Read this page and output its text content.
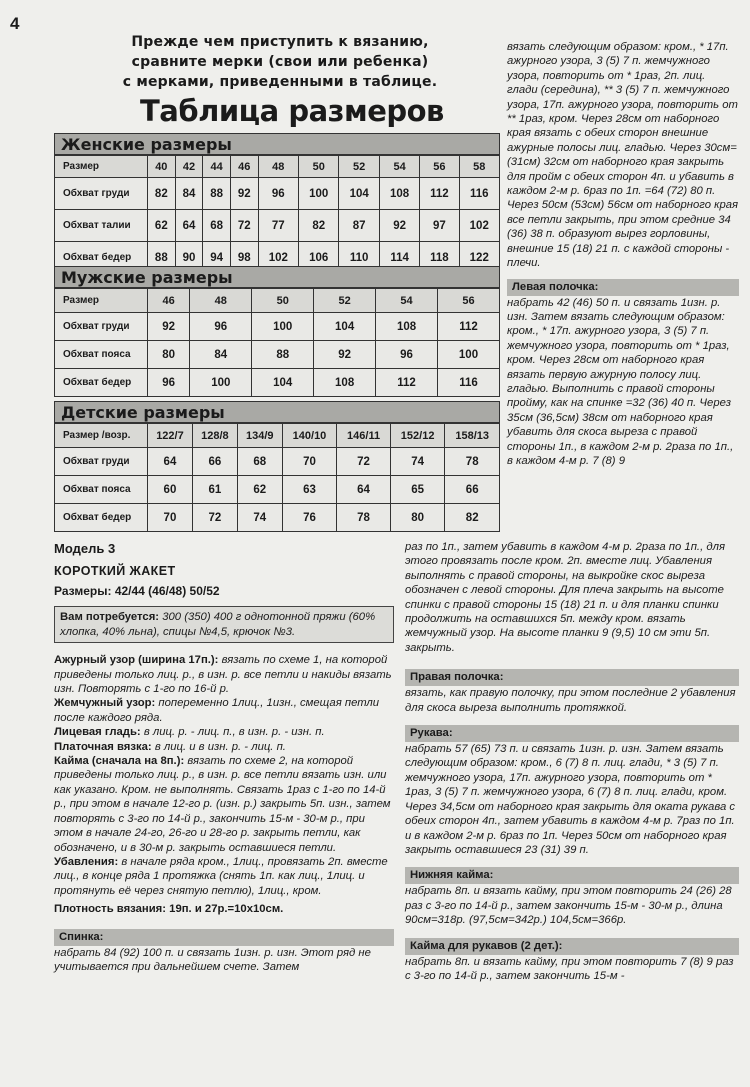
4
Прежде чем приступить к вязанию,
сравните мерки (свои или ребенка)
с мерками, приведенными в таблице.
Таблица размеров
Женские размеры
Размер	40	42	44	46	48	50	52	54	56	58
Обхват груди	82	84	88	92	96	100	104	108	112	116
Обхват талии	62	64	68	72	77	82	87	92	97	102
Обхват бедер	88	90	94	98	102	106	110	114	118	122
Мужские размеры
Размер	46	48	50	52	54	56
Обхват груди	92	96	100	104	108	112
Обхват пояса	80	84	88	92	96	100
Обхват бедер	96	100	104	108	112	116
Детские размеры
Размер /возр.	122/7	128/8	134/9	140/10	146/11	152/12	158/13
Обхват груди	64	66	68	70	72	74	78
Обхват пояса	60	61	62	63	64	65	66
Обхват бедер	70	72	74	76	78	80	82

вязать следующим образом: кром., * 17п. ажурного узора, 3 (5) 7 п. жемчужного узора, повторить от * 1раз, 2п. лиц. глади (середина), ** 3 (5) 7 п. жемчужного узора, 17п. ажурного узора, повторить от ** 1раз, кром. Через 28см от наборного края вязать с обеих сторон внешние ажурные полосы лиц. гладью. Через 30см= (31см) 32см от наборного края закрыть для пройм с обеих сторон 4п. и убавить в каждом 2-м р. 6раз по 1п. =64 (72) 80 п. Через 50см (53см) 56см от наборного края все петли закрыть, при этом средние 34 (36) 38 п. образуют вырез горловины, внешние 15 (18) 21 п. с каждой стороны - плечи.

Левая полочка:

набрать 42 (46) 50 п. и связать 1изн. р. изн. Затем вязать следующим образом: кром., * 17п. ажурного узора, 3 (5) 7 п. жемчужного узора, повторить от * 1раз, кром. Через 28см от наборного края вязать первую ажурную полосу лиц. гладью. Выполнить с правой стороны пройму, как на спинке =32 (36) 40 п. Через 35см (36,5см) 38см от наборного края убавить для скоса выреза с правой стороны 1п., в каждом 2-м р. 2раза по 1п., в каждом 4-м р. 7 (8) 9

раз по 1п., затем убавить в каждом 4-м р. 2раза по 1п., для этого провязать после кром. 2п. вместе лиц. Убавления выполнять с правой стороны, на выкройке скос выреза обозначен с левой стороны. Для плеча закрыть на высоте спинки с правой стороны 15 (18) 21 п. и для планки спинки продолжить на оставшихся 5п. между кром. вязать жемчужный узор. На высоте планки 9 (9,5) 10 см эти 5п. закрыть.

Правая полочка:

вязать, как правую полочку, при этом последние 2 убавления для скоса выреза выполнить протяжкой.

Рукава:

набрать 57 (65) 73 п. и связать 1изн. р. изн. Затем вязать следующим образом: кром., 6 (7) 8 п. лиц. глади, * 3 (5) 7 п. жемчужного узора, 17п. ажурного узора, повторить от * 1раз, 3 (5) 7 п. жемчужного узора, 6 (7) 8 п. лиц. глади, кром. Через 34,5см от наборного края закрыть для оката рукава с обеих сторон 4п., затем убавить в каждом 4-м р. 7раз по 1п. и в каждом 2-м р. 6раз по 1п. Через 50см от наборного края закрыть оставшиеся 23 (31) 39 п.

Нижняя кайма:

набрать 8п. и вязать кайму, при этом повторить 24 (26) 28 раз с 3-го по 14-й р., затем закончить 15-м - 30-м р., длина 90см=318р. (97,5см=342р.) 104,5см=366р.

Кайма для рукавов (2 дет.):

набрать 8п. и вязать кайму, при этом повторить 7 (8) 9 раз с 3-го по 14-й р., затем закончить 15-м -

Модель 3

КОРОТКИЙ ЖАКЕТ

Размеры: 42/44 (46/48) 50/52

Вам потребуется: 300 (350) 400 г однотонной пряжи (60% хлопка, 40% льна), спицы №4,5, крючок №3.

Ажурный узор (ширина 17п.): вязать по схеме 1, на которой приведены только лиц. р., в изн. р. все петли и накиды вязать изн. Повторять с 1-го по 16-й р.

Жемчужный узор: попеременно 1лиц., 1изн., смещая петли после каждого ряда.

Лицевая гладь: в лиц. р. - лиц. п., в изн. р. - изн. п.

Платочная вязка: в лиц. и в изн. р. - лиц. п.

Кайма (сначала на 8п.): вязать по схеме 2, на которой приведены только лиц. р., в изн. р. все петли вязать изн. или как указано. Кром. не выполнять. Связать 1раз с 1-го по 14-й р., при этом в начале 12-го р. (изн. р.) закрыть 5п. изн., затем повторять с 3-го по 14-й р., закончить 15-м - 30-м р., при этом в начале 24-го, 26-го и 28-го р. закрыть петли, как обозначено, и в 30-м р. закрыть оставшиеся петли.

Убавления: в начале ряда кром., 1лиц., провязать 2п. вместе лиц., в конце ряда 1 протяжка (снять 1п. как лиц., 1лиц. и протянуть её через снятую петлю), 1лиц., кром.

Плотность вязания: 19п. и 27р.=10х10см.

Спинка:

набрать 84 (92) 100 п. и связать 1изн. р. изн. Этот ряд не учитывается при дальнейшем счете. Затем
